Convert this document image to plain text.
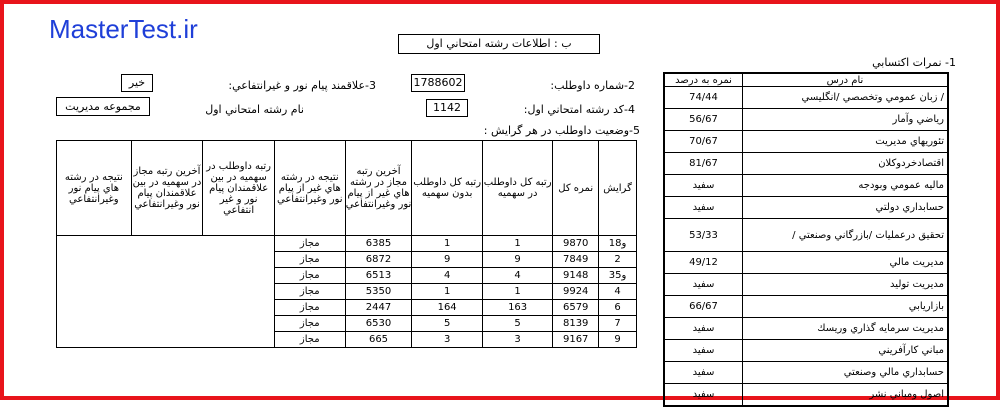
MasterTest.ir	ب : اطلاعات رشته امتحاني اول
1- نمرات اكتسابي
نمره به درصد	نام درس
74/44	/ زبان عمومي وتخصصي /انگليسي
56/67	رياضي وآمار
70/67	تئوريهاي مديريت
81/67	اقتصادخردوكلان
سفيد	ماليه عمومي وبودجه
سفيد	حسابداري دولتي
53/33	تحقيق درعمليات /بازرگاني وصنعتي /
49/12	مديريت مالي
سفيد	مديريت توليد
66/67	بازاريابي
سفيد	مديريت سرمايه گذاري وريسك
سفيد	مباني كارآفريني
سفيد	حسابداري مالي وصنعتي
سفيد	اصول ومباني نشر
2-شماره داوطلب:
1788602
3-علاقمند پيام نور و غيرانتفاعي:
خير
4-كد رشته امتحاني اول:
1142
نام رشته امتحاني اول
مجموعه مديريت
5-وضعيت داوطلب در هر گرايش :
نتيجه در رشته هاي پيام نور وغيرانتفاعي	آخرين رتبه مجاز در سهميه در بين علاقمندان پيام نور وغيرانتفاعي	رتبه داوطلب در سهميه در بين علاقمندان پيام نور و غير انتفاعي	نتيجه در رشته هاي غير از پيام نور وغيرانتفاعي	آخرين رتبه مجاز در رشته هاي غير از پيام نور وغيرانتفاعي	رتبه كل داوطلب بدون سهميه	رتبه كل داوطلب در سهميه	نمره كل	گرايش
			مجاز	6385	1	1	9870	1و8
			مجاز	6872	9	9	7849	2
			مجاز	6513	4	4	9148	3و5
			مجاز	5350	1	1	9924	4
			مجاز	2447	164	163	6579	6
			مجاز	6530	5	5	8139	7
			مجاز	665	3	3	9167	9
